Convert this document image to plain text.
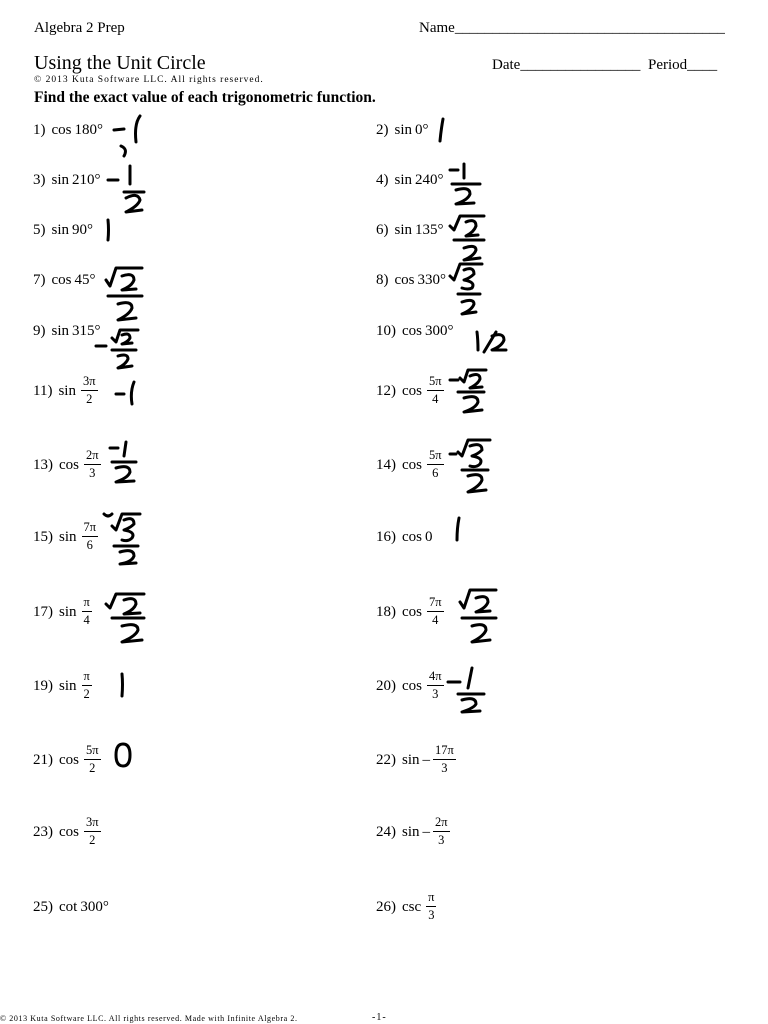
Algebra 2 Prep	Name____________________________________
Using the Unit Circle
© 2013 Kuta Software LLC. All rights reserved.
Date________________ Period____
Find the exact value of each trigonometric function.
1) cos 180°	2) sin 0°
3) sin 210°	4) sin 240°
5) sin 90°	6) sin 135°
7) cos 45°	8) cos 330°
9) sin 315°	10) cos 300°
11) $\sin \frac{3\pi}{2}$	12) $\cos \frac{5\pi}{4}$
13) $\cos \frac{2\pi}{3}$	14) $\cos \frac{5\pi}{6}$
15) $\sin \frac{7\pi}{6}$	16) cos 0
17) $\sin \frac{\pi}{4}$	18) $\cos \frac{7\pi}{4}$
19) $\sin \frac{\pi}{2}$	20) $\cos \frac{4\pi}{3}$
21) $\cos \frac{5\pi}{2}$	22) sin – $\frac{17\pi}{3}$
23) $\cos \frac{3\pi}{2}$	24) sin – $\frac{2\pi}{3}$
25) cot 300°	26) $\csc \frac{\pi}{3}$
© 2013 Kuta Software LLC. All rights reserved. Made with Infinite Algebra 2.	-1-
